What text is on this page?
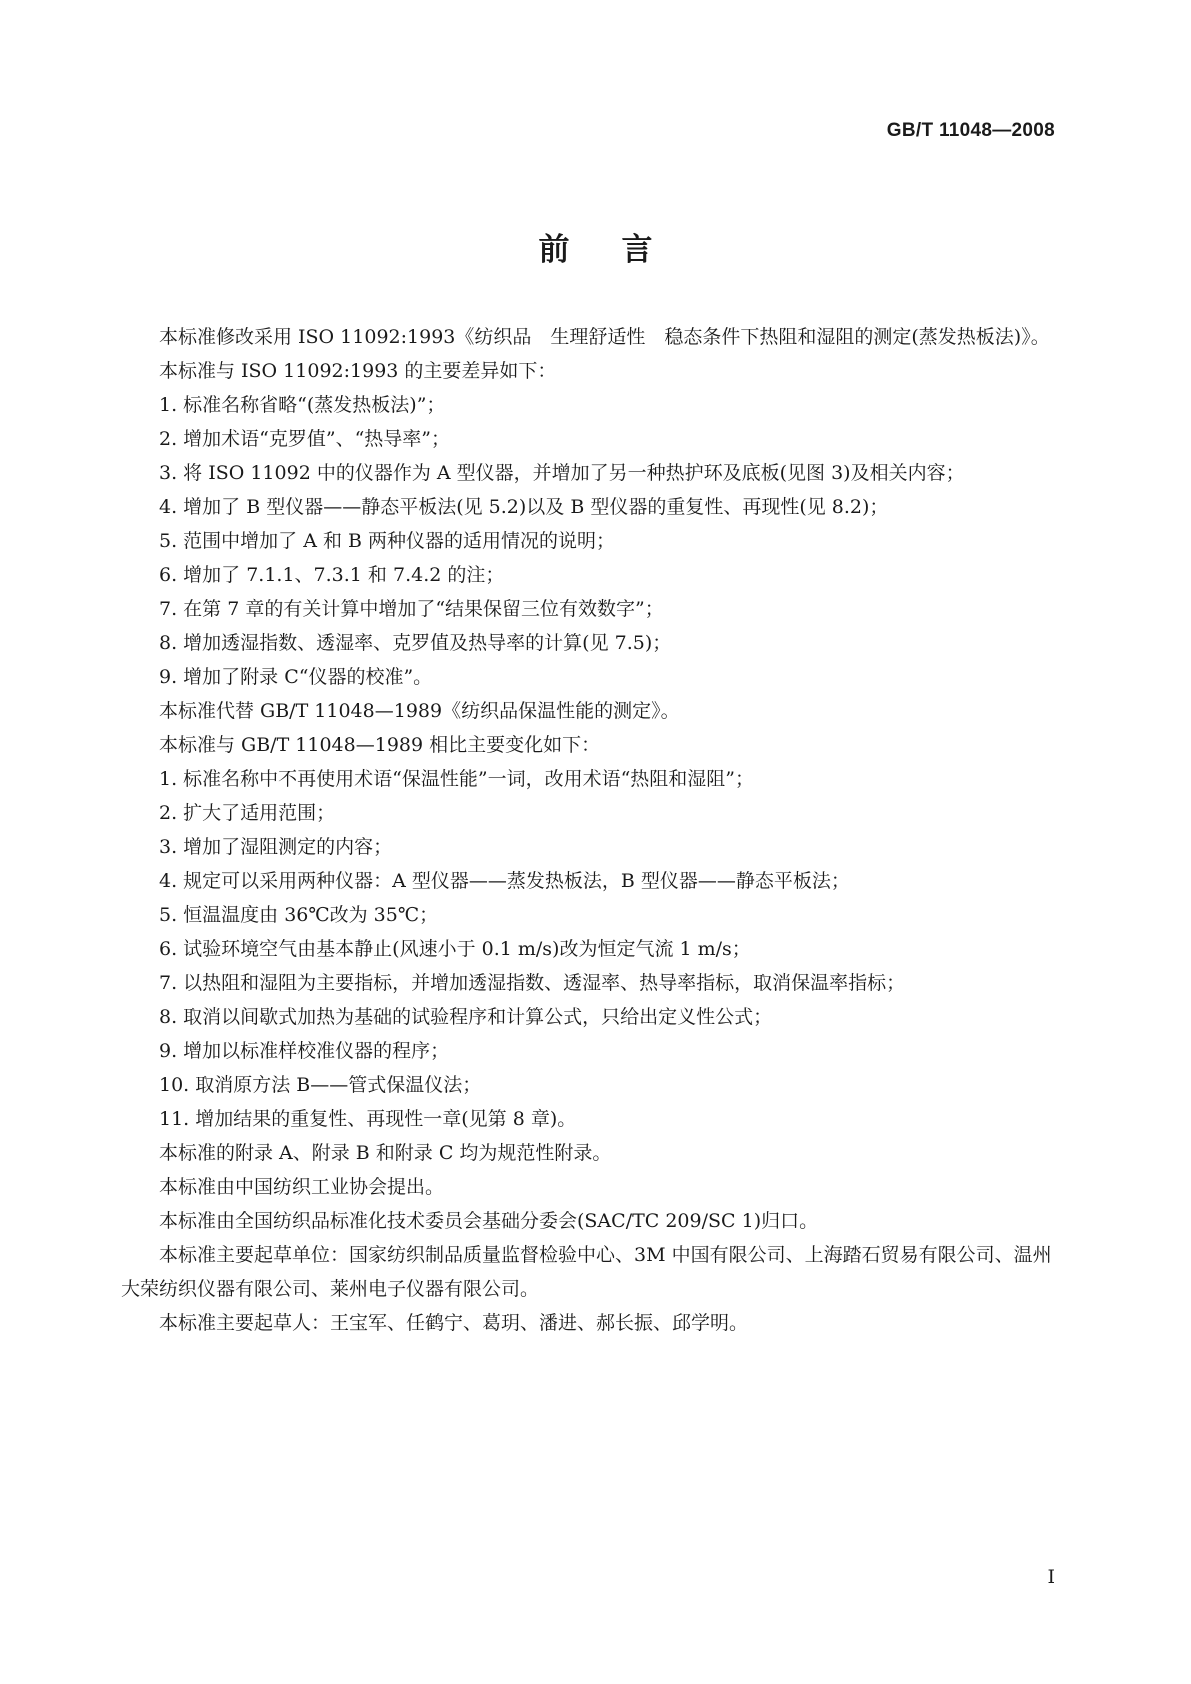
GB/T 11048—2008
前言

本标准修改采用 ISO 11092:1993《纺织品　生理舒适性　稳态条件下热阻和湿阻的测定(蒸发热板法)》。

本标准与 ISO 11092:1993 的主要差异如下：

1. 标准名称省略“(蒸发热板法)”；

2. 增加术语“克罗值”、“热导率”；

3. 将 ISO 11092 中的仪器作为 A 型仪器，并增加了另一种热护环及底板(见图 3)及相关内容；

4. 增加了 B 型仪器——静态平板法(见 5.2)以及 B 型仪器的重复性、再现性(见 8.2)；

5. 范围中增加了 A 和 B 两种仪器的适用情况的说明；

6. 增加了 7.1.1、7.3.1 和 7.4.2 的注；

7. 在第 7 章的有关计算中增加了“结果保留三位有效数字”；

8. 增加透湿指数、透湿率、克罗值及热导率的计算(见 7.5)；

9. 增加了附录 C“仪器的校准”。

本标准代替 GB/T 11048—1989《纺织品保温性能的测定》。

本标准与 GB/T 11048—1989 相比主要变化如下：

1. 标准名称中不再使用术语“保温性能”一词，改用术语“热阻和湿阻”；

2. 扩大了适用范围；

3. 增加了湿阻测定的内容；

4. 规定可以采用两种仪器：A 型仪器——蒸发热板法，B 型仪器——静态平板法；

5. 恒温温度由 36℃改为 35℃；

6. 试验环境空气由基本静止(风速小于 0.1 m/s)改为恒定气流 1 m/s；

7. 以热阻和湿阻为主要指标，并增加透湿指数、透湿率、热导率指标，取消保温率指标；

8. 取消以间歇式加热为基础的试验程序和计算公式，只给出定义性公式；

9. 增加以标准样校准仪器的程序；

10. 取消原方法 B——管式保温仪法；

11. 增加结果的重复性、再现性一章(见第 8 章)。

本标准的附录 A、附录 B 和附录 C 均为规范性附录。

本标准由中国纺织工业协会提出。

本标准由全国纺织品标准化技术委员会基础分委会(SAC/TC 209/SC 1)归口。

本标准主要起草单位：国家纺织制品质量监督检验中心、3M 中国有限公司、上海踏石贸易有限公司、温州大荣纺织仪器有限公司、莱州电子仪器有限公司。

本标准主要起草人：王宝军、任鹤宁、葛玥、潘进、郝长振、邱学明。

I
